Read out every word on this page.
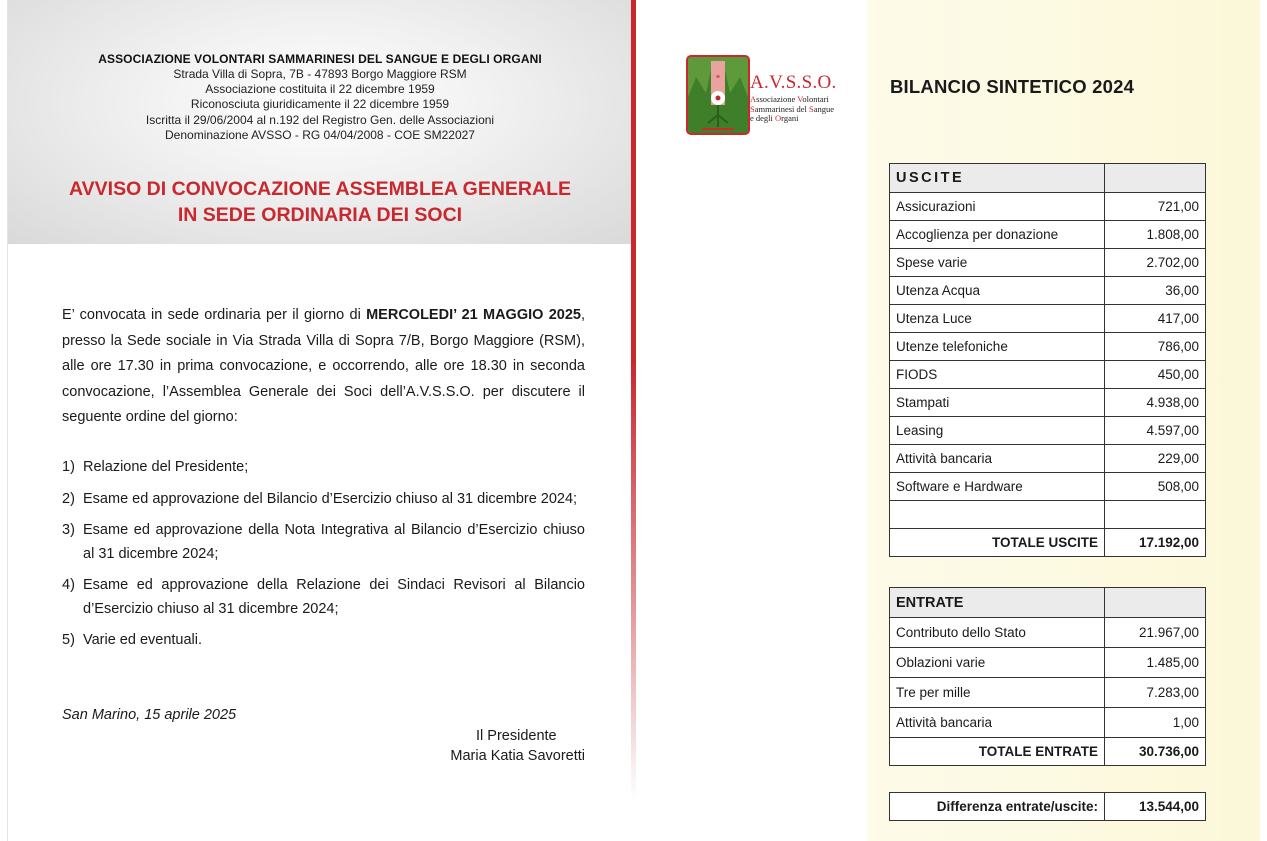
ASSOCIAZIONE VOLONTARI SAMMARINESI DEL SANGUE E DEGLI ORGANI
Strada Villa di Sopra, 7B - 47893 Borgo Maggiore RSM
Associazione costituita il 22 dicembre 1959
Riconosciuta giuridicamente il 22 dicembre 1959
Iscritta il 29/06/2004 al n.192 del Registro Gen. delle Associazioni
Denominazione AVSSO - RG 04/04/2008 - COE SM22027
AVVISO DI CONVOCAZIONE ASSEMBLEA GENERALE
IN SEDE ORDINARIA DEI SOCI
E’ convocata in sede ordinaria per il giorno di MERCOLEDI’ 21 MAGGIO 2025, presso la Sede sociale in Via Strada Villa di Sopra 7/B, Borgo Maggiore (RSM), alle ore 17.30 in prima convocazione, e occorrendo, alle ore 18.30 in seconda convocazione, l’Assemblea Generale dei Soci dell’A.V.S.S.O. per discutere il seguente ordine del giorno:
1) Relazione del Presidente;
2) Esame ed approvazione del Bilancio d’Esercizio chiuso al 31 dicembre 2024;
3) Esame ed approvazione della Nota Integrativa al Bilancio d’Esercizio chiuso al 31 dicembre 2024;
4) Esame ed approvazione della Relazione dei Sindaci Revisori al Bilancio d’Esercizio chiuso al 31 dicembre 2024;
5) Varie ed eventuali.
San Marino, 15 aprile 2025
Il Presidente
Maria Katia Savoretti
⚭ A.V.S.S.O.
Associazione Volontari
Sammarinesi del Sangue
e degli Organi
BILANCIO SINTETICO 2024
USCITE	
Assicurazioni	721,00
Accoglienza per donazione	1.808,00
Spese varie	2.702,00
Utenza Acqua	36,00
Utenza Luce	417,00
Utenze telefoniche	786,00
FIODS	450,00
Stampati	4.938,00
Leasing	4.597,00
Attività bancaria	229,00
Software e Hardware	508,00

TOTALE USCITE	17.192,00
ENTRATE	
Contributo dello Stato	21.967,00
Oblazioni varie	1.485,00
Tre per mille	7.283,00
Attività bancaria	1,00
TOTALE ENTRATE	30.736,00
Differenza entrate/uscite:	13.544,00
